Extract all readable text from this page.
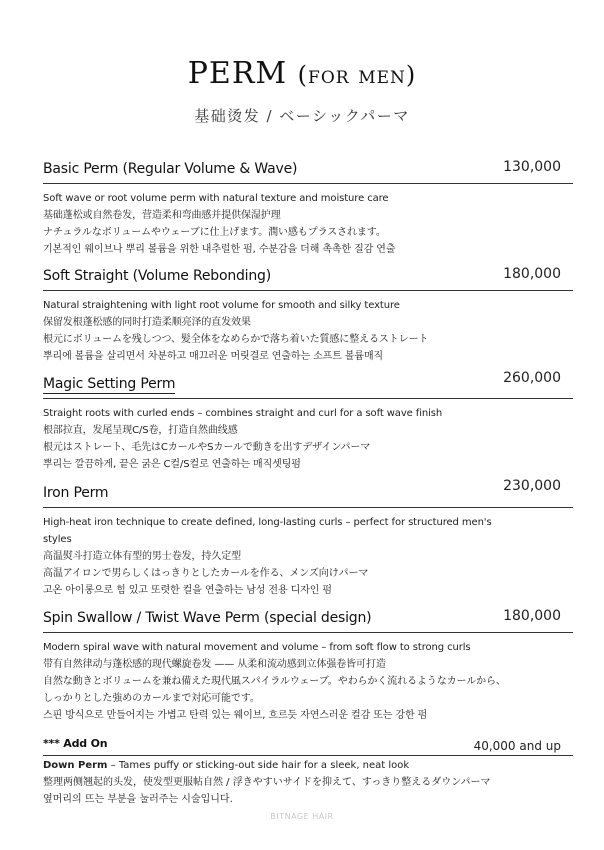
PERM (for men)
基础烫发 / ベーシックパーマ
Basic Perm (Regular Volume & Wave)	130,000
Soft wave or root volume perm with natural texture and moisture care
基础蓬松或自然卷发，营造柔和弯曲感并提供保湿护理
ナチュラルなボリュームやウェーブに仕上げます。潤い感もプラスされます。
기본적인 웨이브나 뿌리 볼륨을 위한 내추럴한 펌, 수분감을 더해 촉촉한 질감 연출
Soft Straight (Volume Rebonding)	180,000
Natural straightening with light root volume for smooth and silky texture
保留发根蓬松感的同时打造柔顺亮泽的直发效果
根元にボリュームを残しつつ、髪全体をなめらかで落ち着いた質感に整えるストレート
뿌리에 볼륨을 살리면서 차분하고 매끄러운 머릿결로 연출하는 소프트 볼륨매직
Magic Setting Perm	260,000
Straight roots with curled ends – combines straight and curl for a soft wave finish
根部拉直，发尾呈现C/S卷，打造自然曲线感
根元はストレート、毛先はCカールやSカールで動きを出すデザインパーマ
뿌리는 깔끔하게, 끝은 굵은 C컬/S컬로 연출하는 매직셋팅펌
Iron Perm	230,000
High-heat iron technique to create defined, long-lasting curls – perfect for structured men's styles
高温熨斗打造立体有型的男士卷发，持久定型
高温アイロンで男らしくはっきりとしたカールを作る、メンズ向けパーマ
고온 아이롱으로 힘 있고 또렷한 컬을 연출하는 남성 전용 디자인 펌
Spin Swallow / Twist Wave Perm (special design)	180,000
Modern spiral wave with natural movement and volume – from soft flow to strong curls
带有自然律动与蓬松感的现代螺旋卷发 —— 从柔和流动感到立体强卷皆可打造
自然な動きとボリュームを兼ね備えた現代風スパイラルウェーブ。やわらかく流れるようなカールから、
しっかりとした強めのカールまで対応可能です。
스핀 방식으로 만들어지는 가볍고 탄력 있는 웨이브, 흐르듯 자연스러운 컬감 또는 강한 펌
*** Add On	40,000 and up
Down Perm – Tames puffy or sticking-out side hair for a sleek, neat look
整理两侧翘起的头发，使发型更服帖自然 / 浮きやすいサイドを抑えて、すっきり整えるダウンパーマ
옆머리의 뜨는 부분을 눌러주는 시술입니다.
BITNAGE HAIR
